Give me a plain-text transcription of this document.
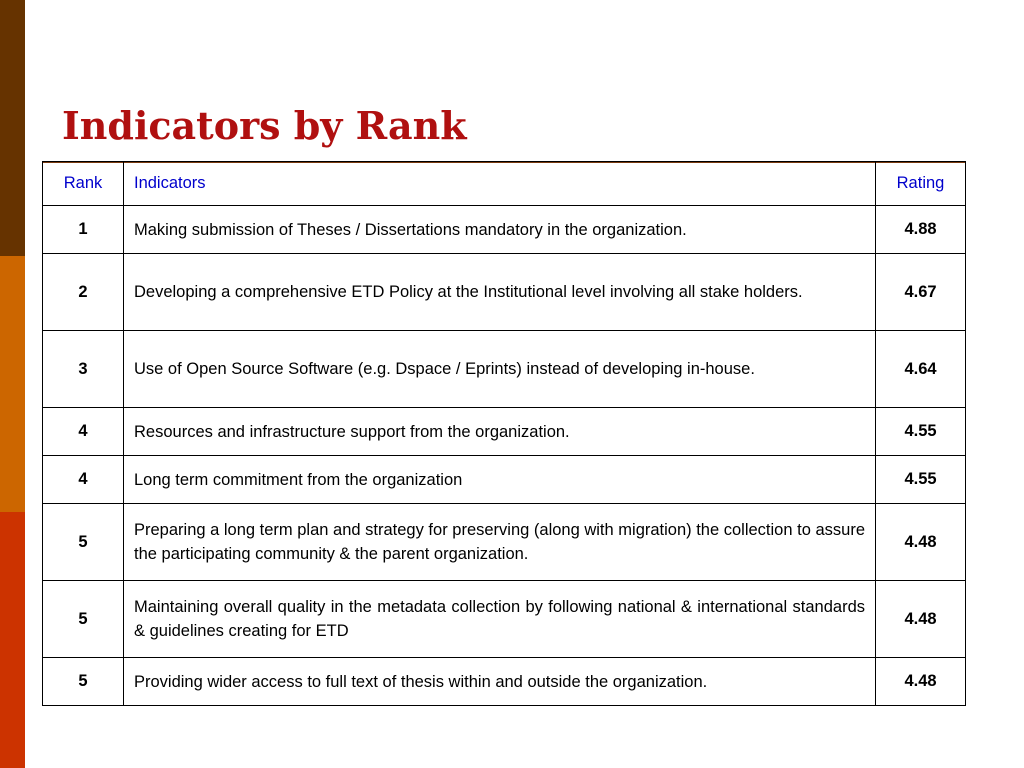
Indicators by Rank
Rank	Indicators	Rating
1	Making submission of Theses / Dissertations mandatory in the organization.	4.88
2	Developing a comprehensive ETD Policy at the Institutional level involving all stake holders.	4.67
3	Use of Open Source Software (e.g. Dspace / Eprints) instead of developing in-house.	4.64
4	Resources and infrastructure support from the organization.	4.55
4	Long term commitment from the organization	4.55
5	Preparing a long term plan and strategy for preserving (along with migration) the collection to assure the participating community & the parent organization.	4.48
5	Maintaining overall quality in the metadata collection by following national & international standards & guidelines creating for ETD	4.48
5	Providing wider access to full text of thesis within and outside the organization.	4.48
